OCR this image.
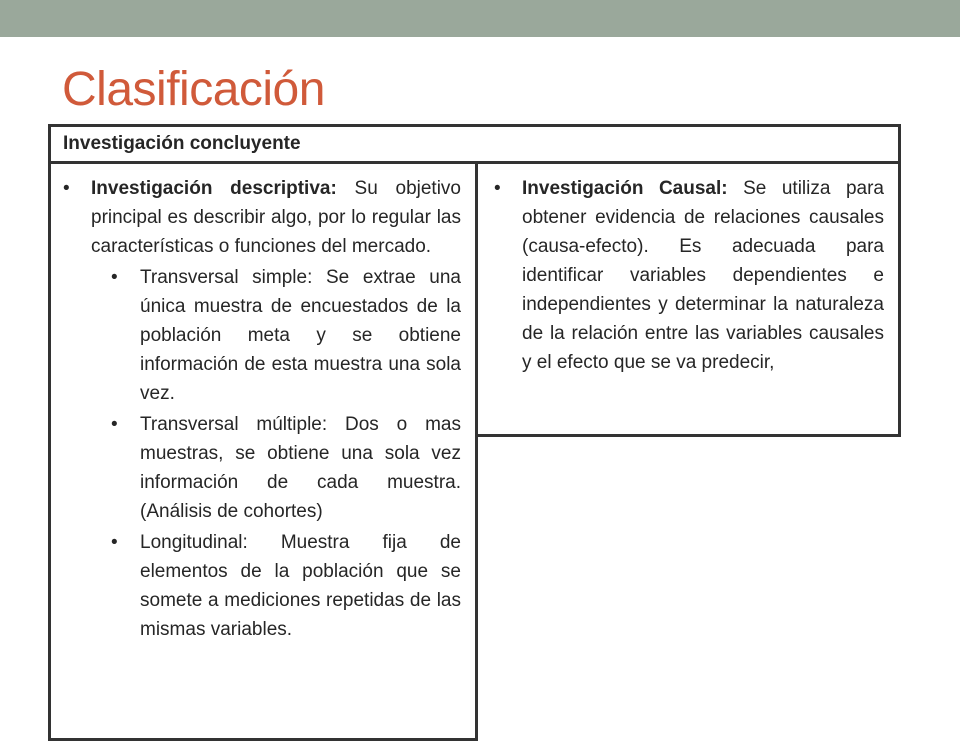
Clasificación
Investigación concluyente
• Investigación descriptiva: Su objetivo principal es describir algo, por lo regular las características o funciones del mercado.
• Transversal simple: Se extrae una única muestra de encuestados de la población meta y se obtiene información de esta muestra una sola vez.
• Transversal múltiple: Dos o mas muestras, se obtiene una sola vez información de cada muestra. (Análisis de cohortes)
• Longitudinal: Muestra fija de elementos de la población que se somete a mediciones repetidas de las mismas variables.
• Investigación Causal: Se utiliza para obtener evidencia de relaciones causales (causa-efecto). Es adecuada para identificar variables dependientes e independientes y determinar la naturaleza de la relación entre las variables causales y el efecto que se va predecir,
